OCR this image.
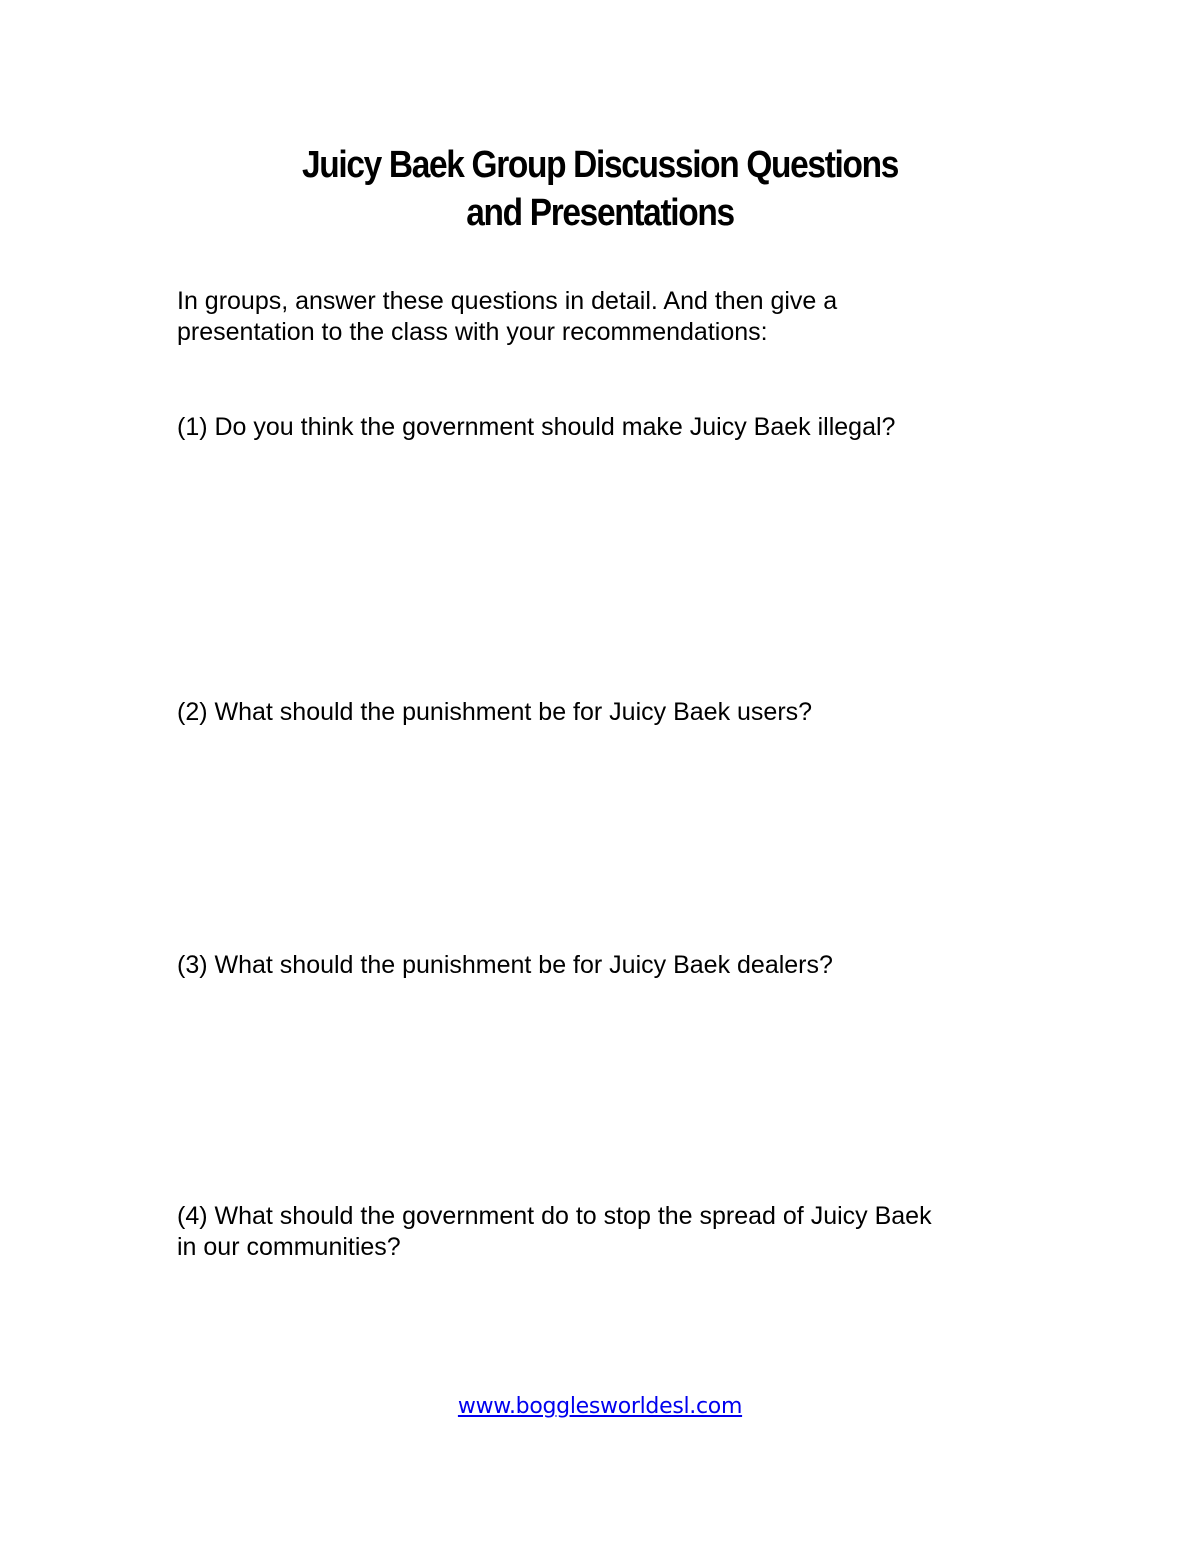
Juicy Baek Group Discussion Questions
and Presentations

In groups, answer these questions in detail. And then give a
presentation to the class with your recommendations:

(1) Do you think the government should make Juicy Baek illegal?

(2) What should the punishment be for Juicy Baek users?

(3) What should the punishment be for Juicy Baek dealers?

(4) What should the government do to stop the spread of Juicy Baek
in our communities?

www.bogglesworldesl.com
